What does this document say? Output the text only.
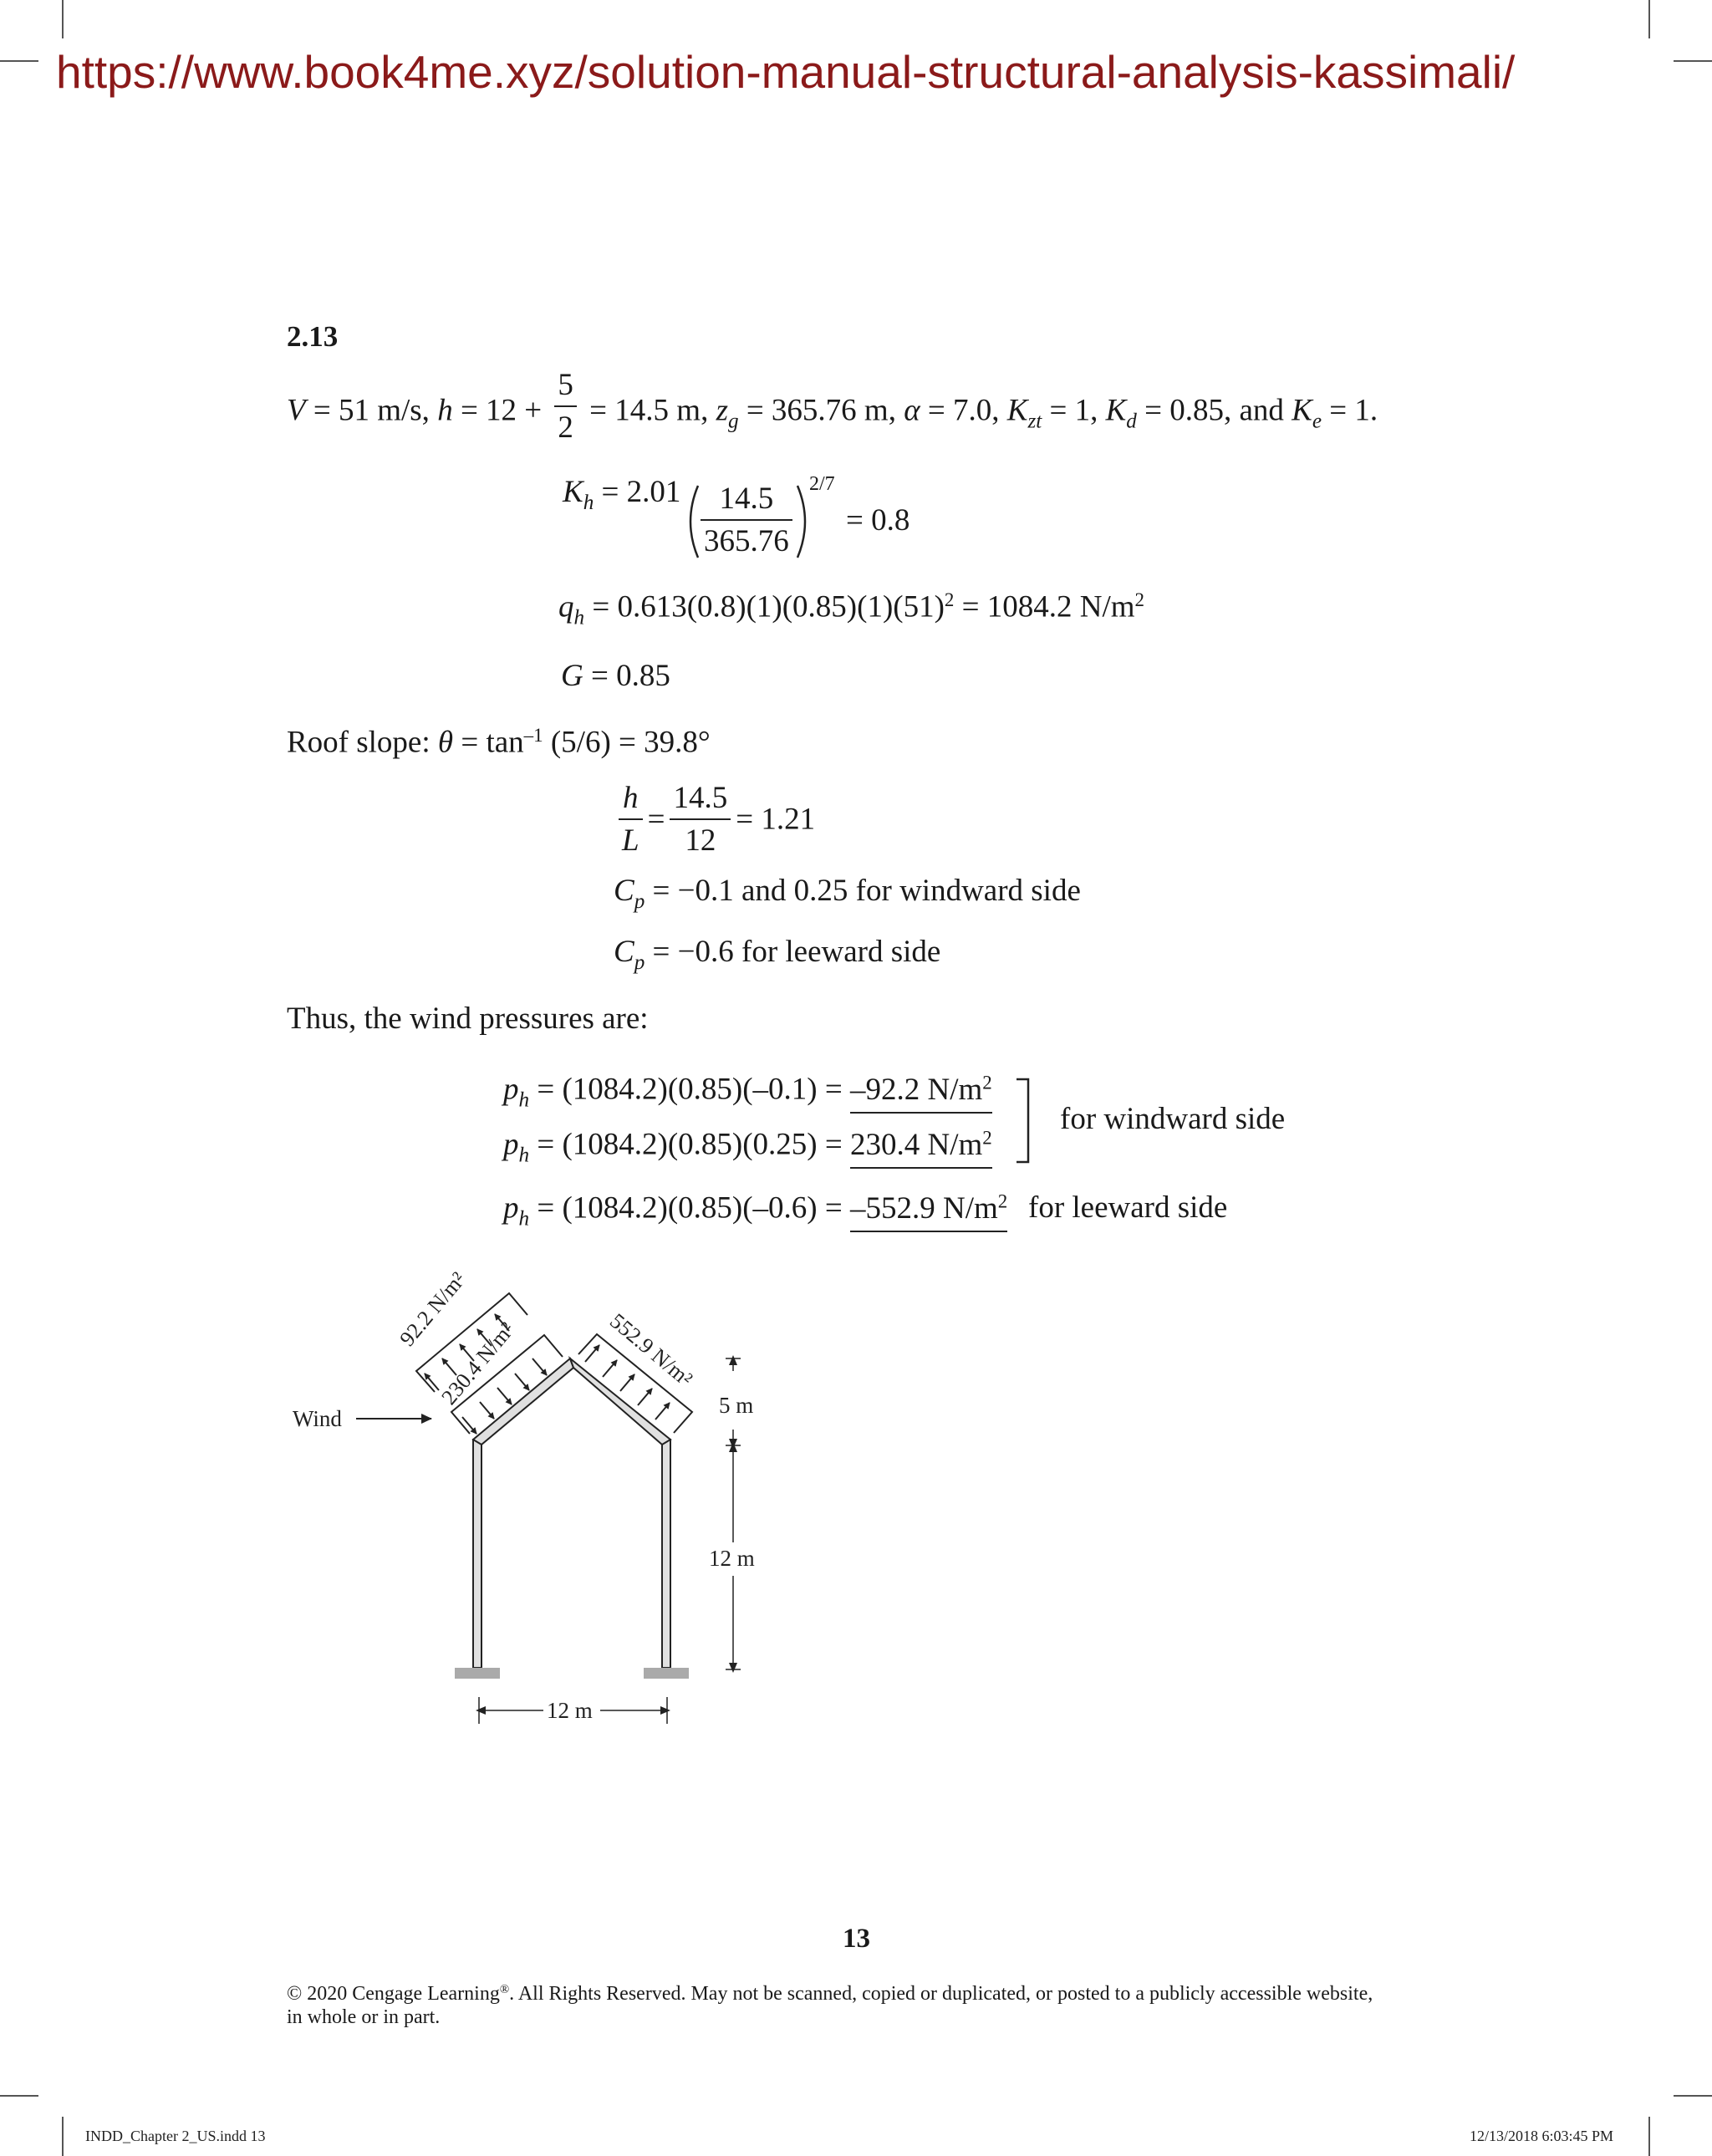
https://www.book4me.xyz/solution-manual-structural-analysis-kassimali/
2.13
V = 51 m/s, $h = 12 + \frac{5}{2} = 14.5$ m, $z_g = 365.76$ m, α = 7.0, $K_{zt} = 1$, $K_d = 0.85$, and $K_e = 1$.
$K_h = 2.01 \frac{14.5}{365.76} 2/7$
= 0.8
$q_h = 0.613(0.8)(1)(0.85)(1)(51)^2 = 1084.2$ $N/m^2$
G = 0.85
Roof slope: $\theta = \tan^{-1} (5/6) = 39.8^\circ$
$\frac{h}{L} = \frac{14.5}{12} = 1.21$
$C_p = -0.1$ and 0.25 for windward side
$C_p = -0.6$ for leeward side
Thus, the wind pressures are:
$p_h = (1084.2)(0.85)(-0.1) = -92.2$ $N/m^2$
$p_h = (1084.2)(0.85)(0.25) = 230.4$ $N/m^2$
$p_h = (1084.2)(0.85)(-0.6) = -552.9$ $N/m^2$
for windward side
for leeward side
92.2 N/m²
230.4 N/m²	552.9 N/m²
Wind
5 m
12 m
12 m
13
© 2020 Cengage Learning®. All Rights Reserved. May not be scanned, copied or duplicated, or posted to a publicly accessible website,
in whole or in part.
INDD_Chapter 2_US.indd 13	12/13/2018 6:03:45 PM
